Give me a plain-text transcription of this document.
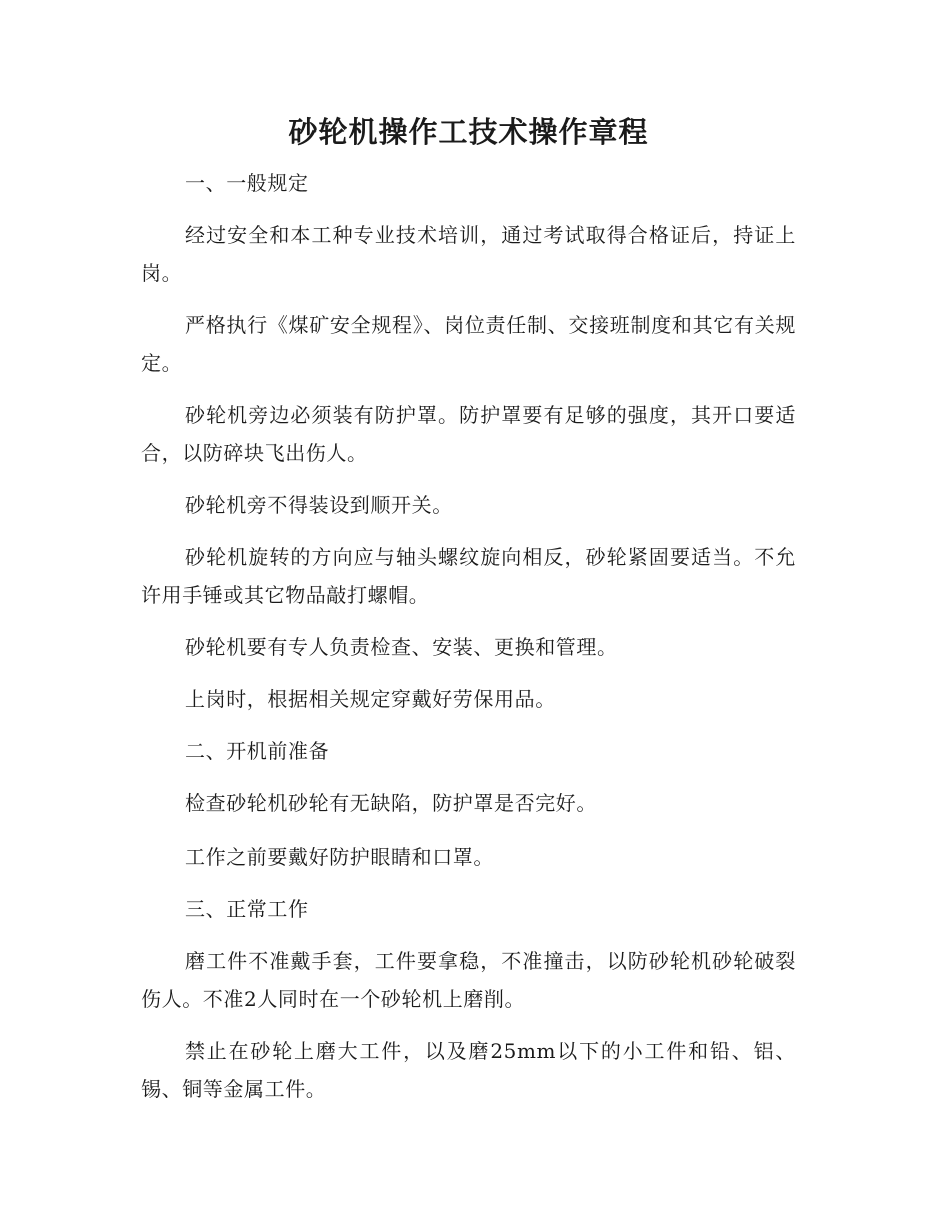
砂轮机操作工技术操作章程

一、一般规定

经过安全和本工种专业技术培训，通过考试取得合格证后，持证上岗。

严格执行《煤矿安全规程》、岗位责任制、交接班制度和其它有关规定。

砂轮机旁边必须装有防护罩。防护罩要有足够的强度，其开口要适合，以防碎块飞出伤人。

砂轮机旁不得装设到顺开关。

砂轮机旋转的方向应与轴头螺纹旋向相反，砂轮紧固要适当。不允许用手锤或其它物品敲打螺帽。

砂轮机要有专人负责检查、安装、更换和管理。

上岗时，根据相关规定穿戴好劳保用品。

二、开机前准备

检查砂轮机砂轮有无缺陷，防护罩是否完好。

工作之前要戴好防护眼睛和口罩。

三、正常工作

磨工件不准戴手套，工件要拿稳，不准撞击，以防砂轮机砂轮破裂伤人。不准2人同时在一个砂轮机上磨削。

禁止在砂轮上磨大工件，以及磨25mm以下的小工件和铅、铝、锡、铜等金属工件。
